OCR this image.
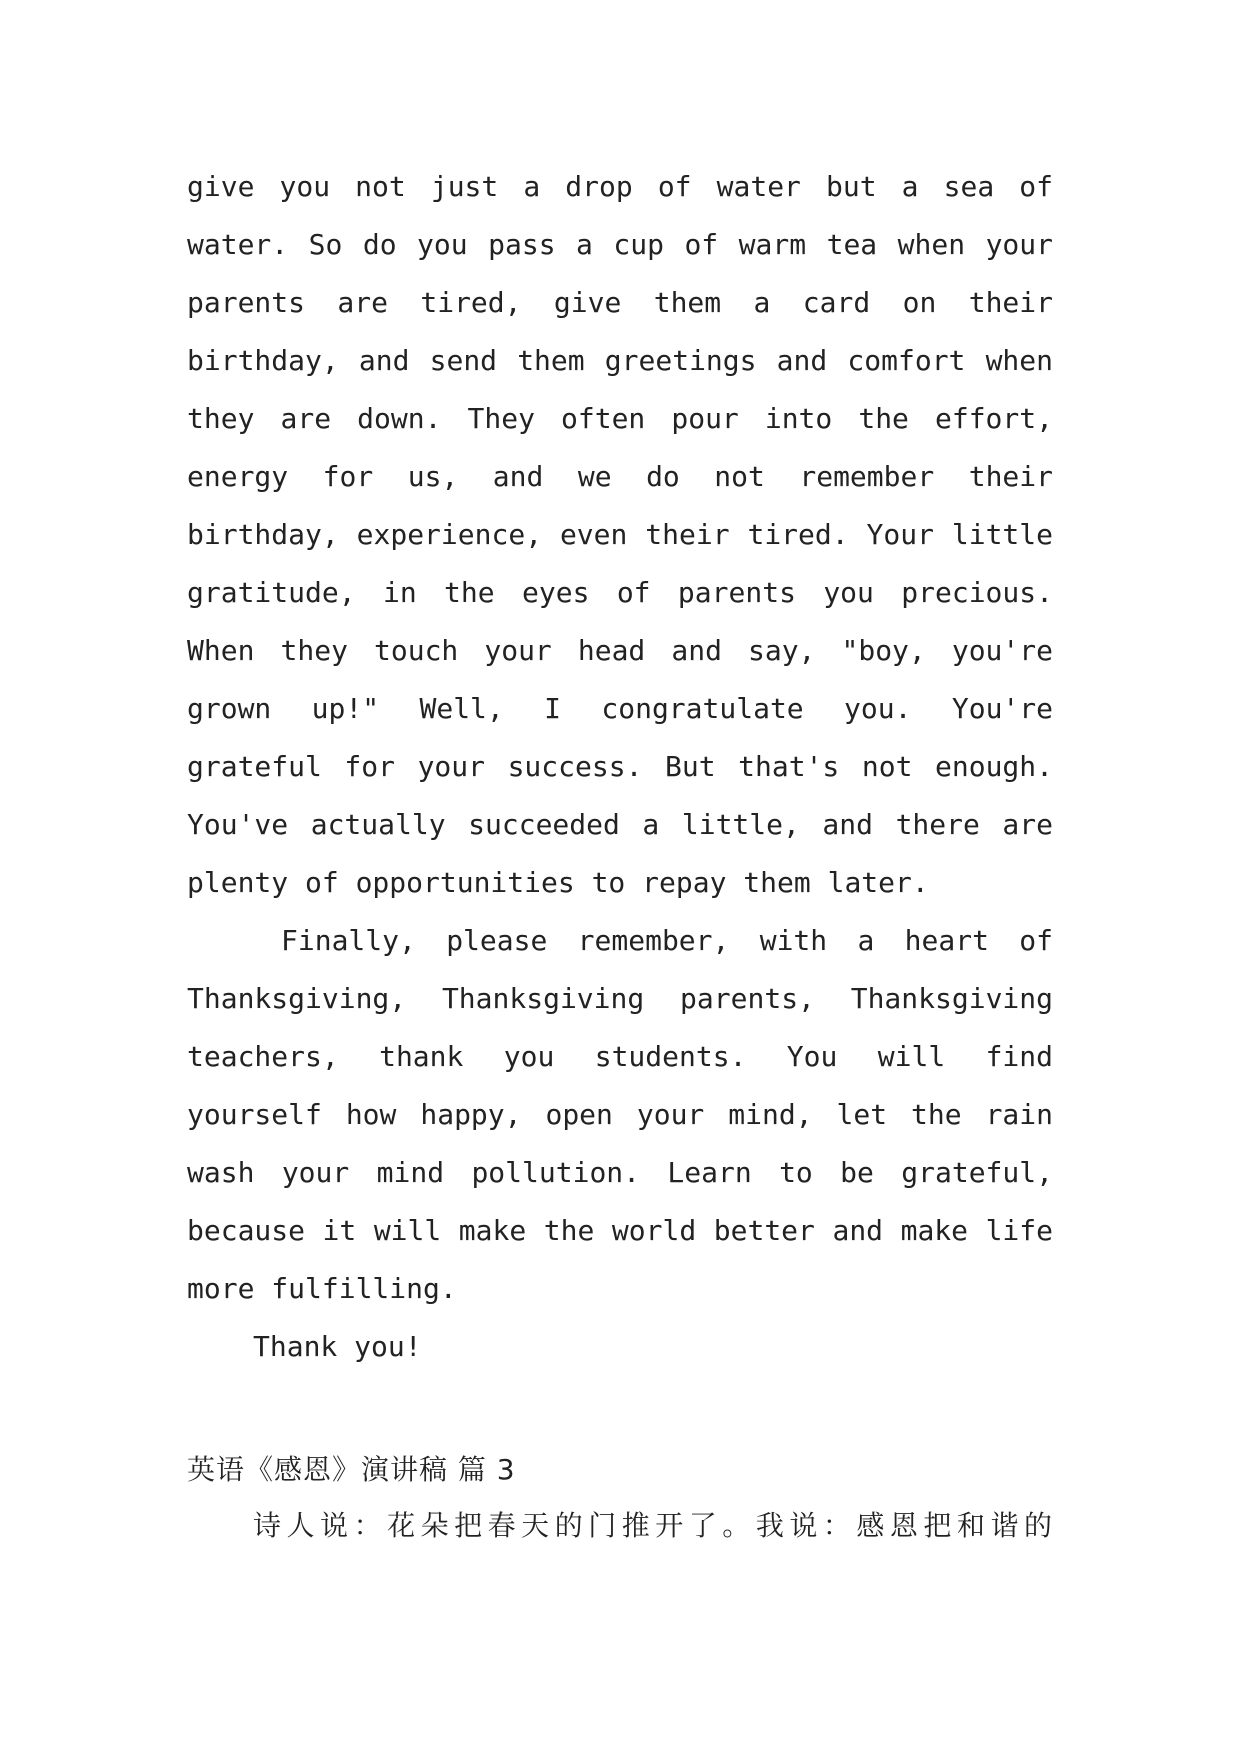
give you not just a drop of water but a sea of
water. So do you pass a cup of warm tea when your
parents are tired, give them a card on their
birthday, and send them greetings and comfort when
they are down. They often pour into the effort,
energy for us, and we do not remember their
birthday, experience, even their tired. Your little
gratitude, in the eyes of parents you precious.
When they touch your head and say, "boy, you're
grown up!" Well, I congratulate you. You're
grateful for your success. But that's not enough.
You've actually succeeded a little, and there are
plenty of opportunities to repay them later.
Finally, please remember, with a heart of
Thanksgiving, Thanksgiving parents, Thanksgiving
teachers, thank you students. You will find
yourself how happy, open your mind, let the rain
wash your mind pollution. Learn to be grateful,
because it will make the world better and make life
more fulfilling.
Thank you!
英语《感恩》演讲稿 篇 3
诗人说：花朵把春天的门推开了。我说：感恩把和谐的
